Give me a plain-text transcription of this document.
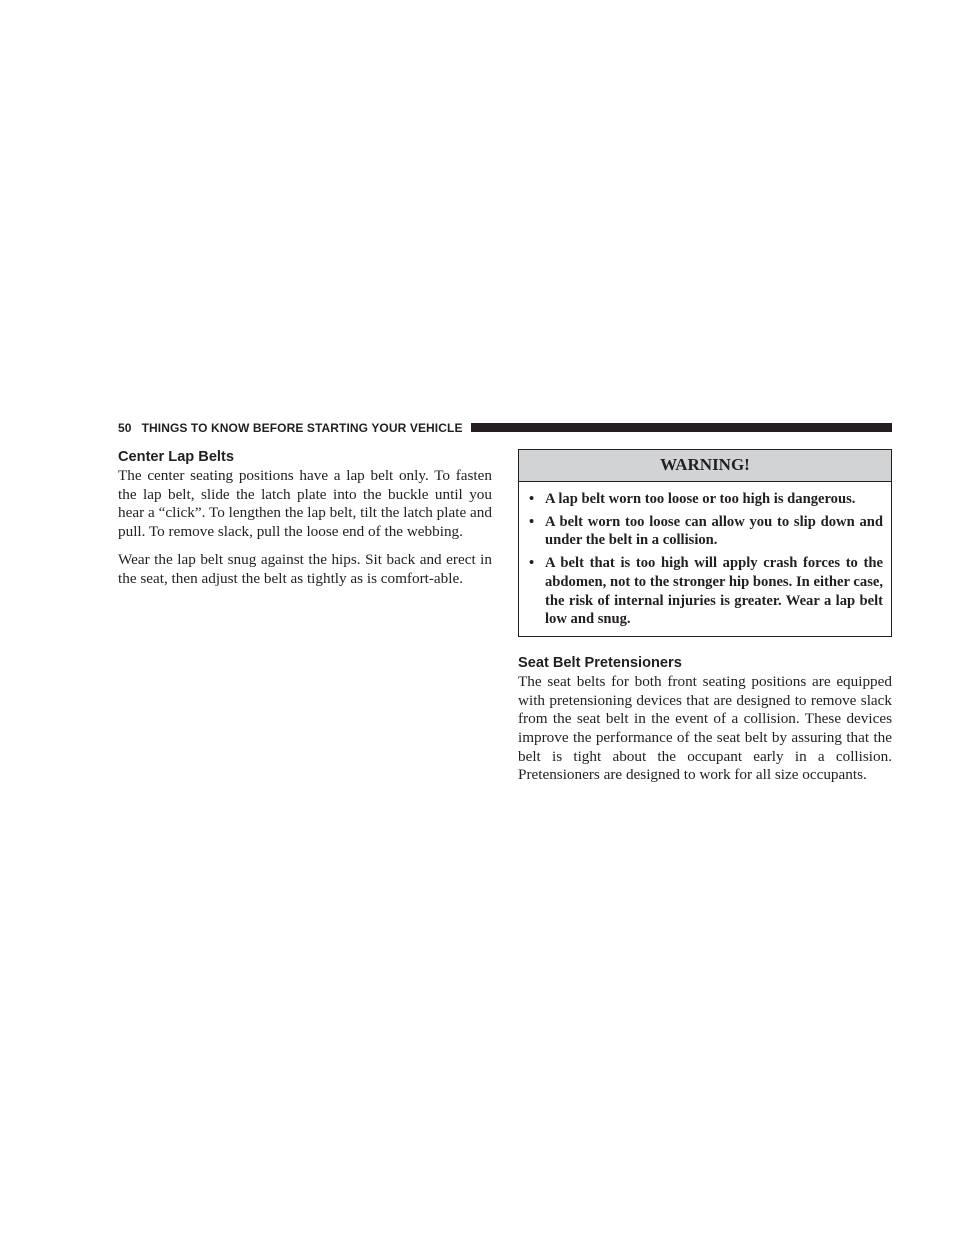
50 THINGS TO KNOW BEFORE STARTING YOUR VEHICLE
Center Lap Belts

The center seating positions have a lap belt only. To fasten the lap belt, slide the latch plate into the buckle until you hear a “click”. To lengthen the lap belt, tilt the latch plate and pull. To remove slack, pull the loose end of the webbing.

Wear the lap belt snug against the hips. Sit back and erect in the seat, then adjust the belt as tightly as is comfort-able.

WARNING!
• A lap belt worn too loose or too high is dangerous.
• A belt worn too loose can allow you to slip down and under the belt in a collision.
• A belt that is too high will apply crash forces to the abdomen, not to the stronger hip bones. In either case, the risk of internal injuries is greater. Wear a lap belt low and snug.
Seat Belt Pretensioners

The seat belts for both front seating positions are equipped with pretensioning devices that are designed to remove slack from the seat belt in the event of a collision. These devices improve the performance of the seat belt by assuring that the belt is tight about the occupant early in a collision. Pretensioners are designed to work for all size occupants.
